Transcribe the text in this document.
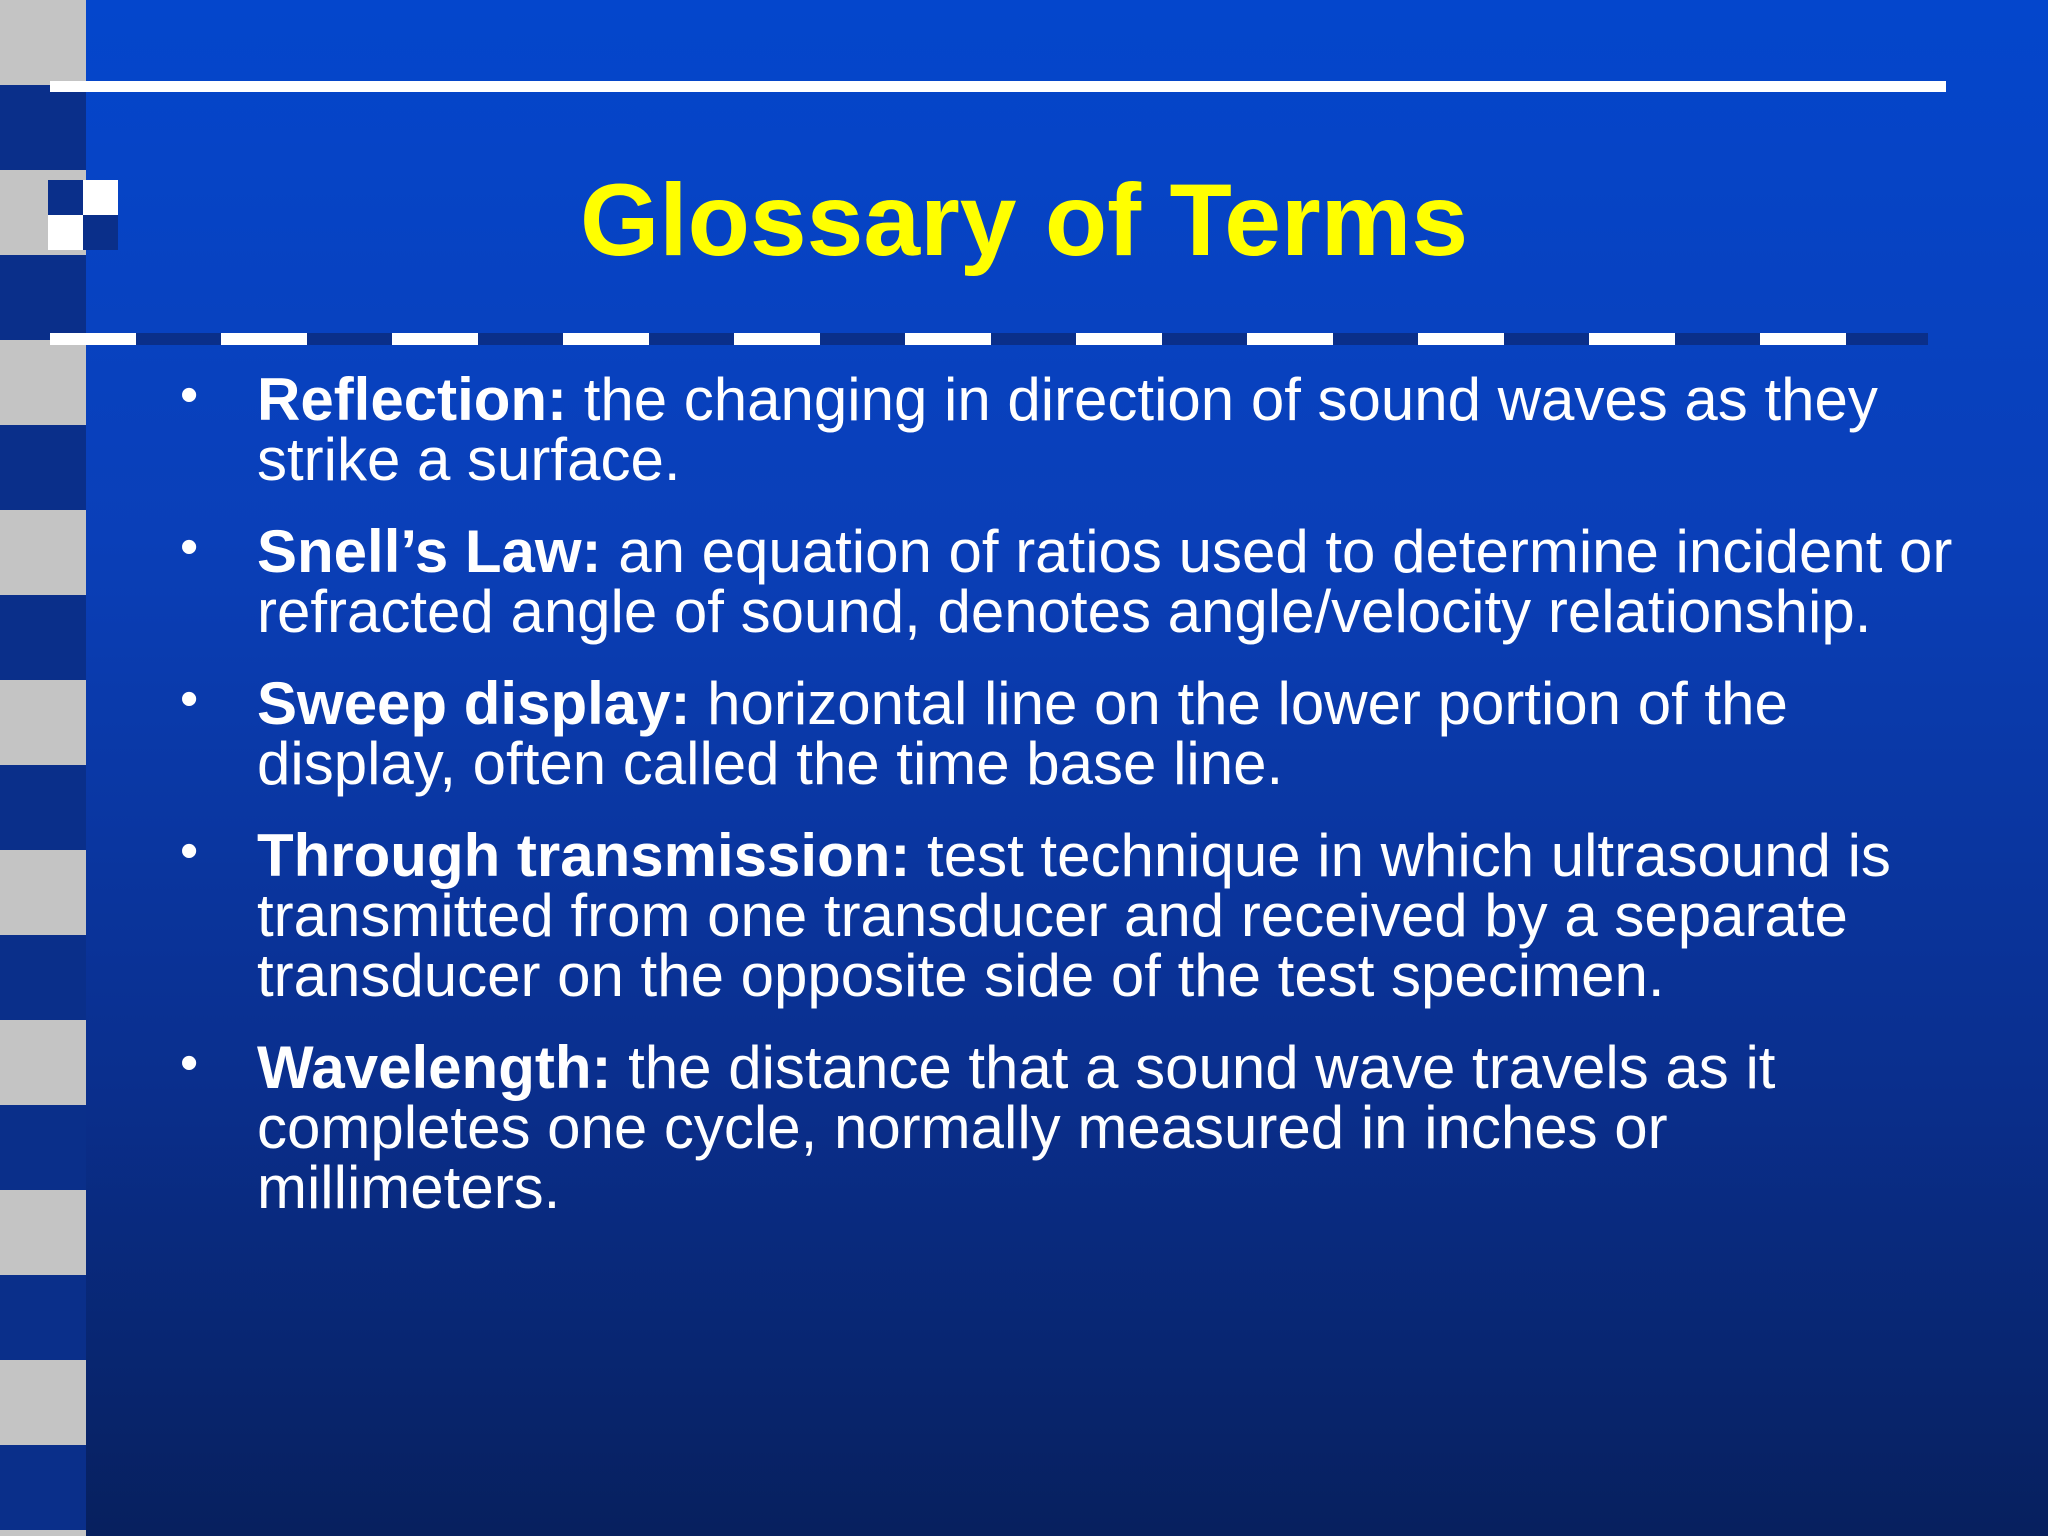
Glossary of Terms
• Reflection: the changing in direction of sound waves as they strike a surface.
• Snell’s Law: an equation of ratios used to determine incident or refracted angle of sound, denotes angle/velocity relationship.
• Sweep display: horizontal line on the lower portion of the display, often called the time base line.
• Through transmission: test technique in which ultrasound is transmitted from one transducer and received by a separate transducer on the opposite side of the test specimen.
• Wavelength: the distance that a sound wave travels as it completes one cycle, normally measured in inches or millimeters.
